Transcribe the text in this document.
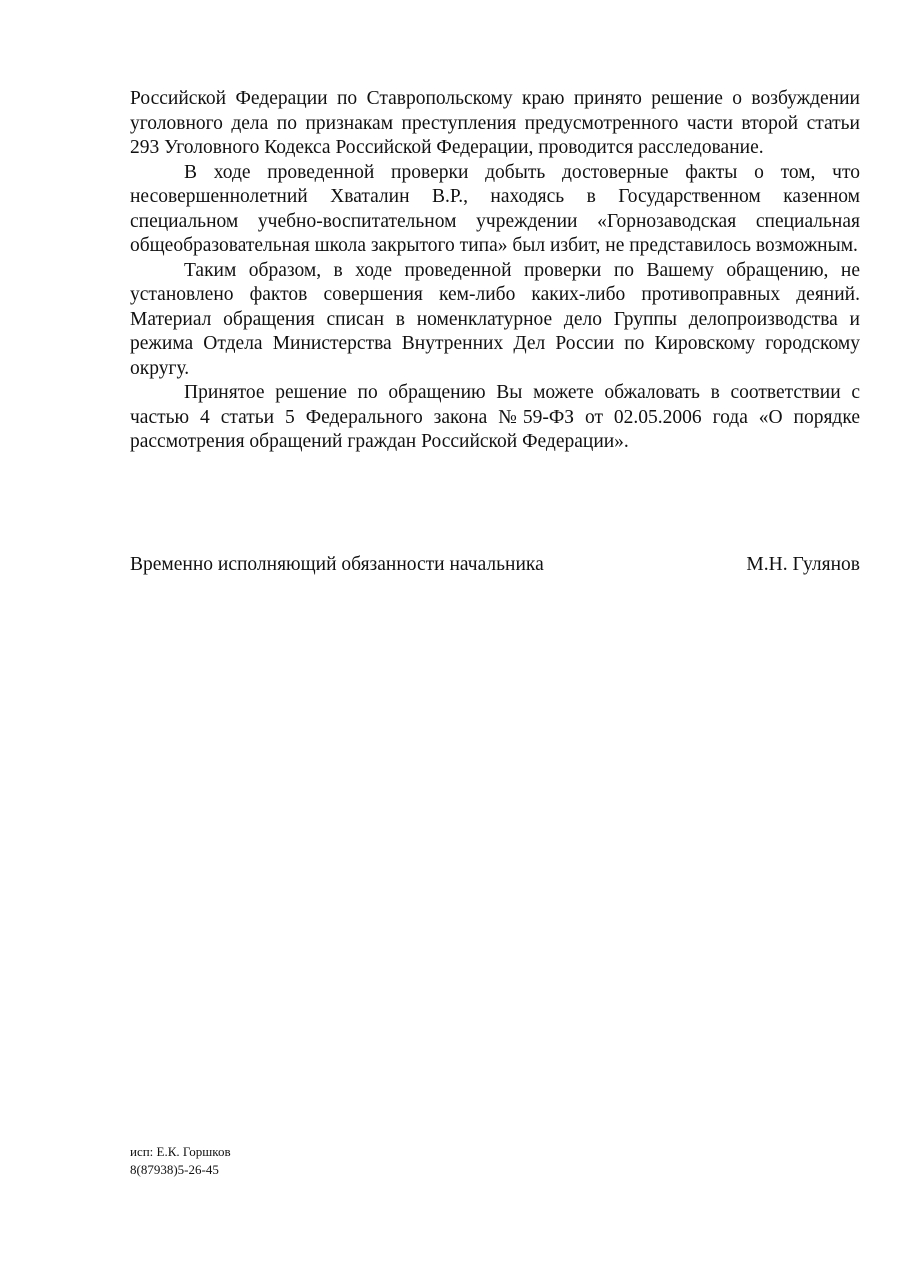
Российской Федерации по Ставропольскому краю принято решение о возбуждении уголовного дела по признакам преступления предусмотренного части второй статьи 293 Уголовного Кодекса Российской Федерации, проводится расследование.

В ходе проведенной проверки добыть достоверные факты о том, что несовершеннолетний Хваталин В.Р., находясь в Государственном казенном специальном учебно-воспитательном учреждении «Горнозаводская специальная общеобразовательная школа закрытого типа» был избит, не представилось возможным.

Таким образом, в ходе проведенной проверки по Вашему обращению, не установлено фактов совершения кем-либо каких-либо противоправных деяний. Материал обращения списан в номенклатурное дело Группы делопроизводства и режима Отдела Министерства Внутренних Дел России по Кировскому городскому округу.

Принятое решение по обращению Вы можете обжаловать в соответствии с частью 4 статьи 5 Федерального закона №59-ФЗ от 02.05.2006 года «О порядке рассмотрения обращений граждан Российской Федерации».

Временно исполняющий обязанности начальника	М.Н. Гулянов
исп: Е.К. Горшков
8(87938)5-26-45
